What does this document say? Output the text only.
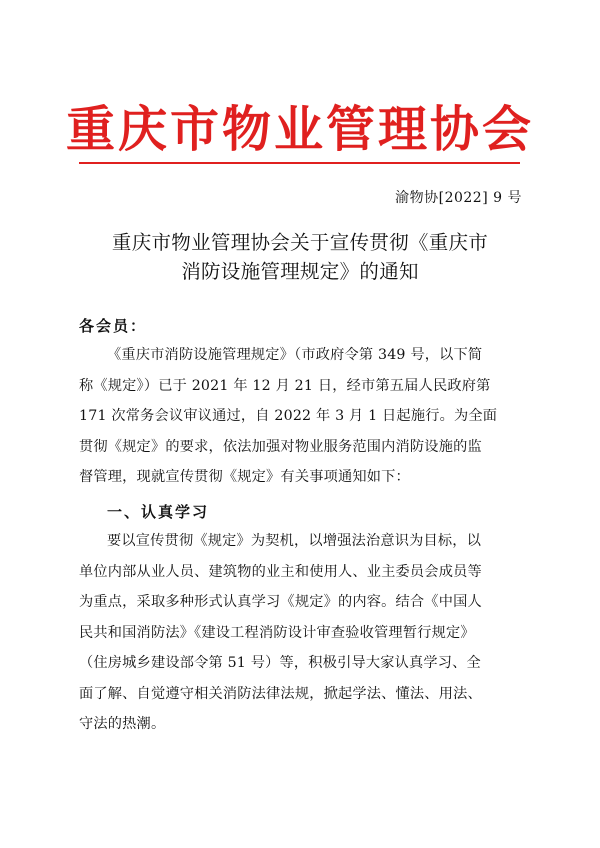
重庆市物业管理协会
渝物协[2022] 9 号
重庆市物业管理协会关于宣传贯彻《重庆市
消防设施管理规定》的通知
各会员：
《重庆市消防设施管理规定》（市政府令第 349 号，以下简
称《规定》）已于 2021 年 12 月 21 日，经市第五届人民政府第
171 次常务会议审议通过，自 2022 年 3 月 1 日起施行。为全面
贯彻《规定》的要求，依法加强对物业服务范围内消防设施的监
督管理，现就宣传贯彻《规定》有关事项通知如下：
一、认真学习
要以宣传贯彻《规定》为契机，以增强法治意识为目标，以
单位内部从业人员、建筑物的业主和使用人、业主委员会成员等
为重点，采取多种形式认真学习《规定》的内容。结合《中国人
民共和国消防法》《建设工程消防设计审查验收管理暂行规定》
（住房城乡建设部令第 51 号）等，积极引导大家认真学习、全
面了解、自觉遵守相关消防法律法规，掀起学法、懂法、用法、
守法的热潮。
